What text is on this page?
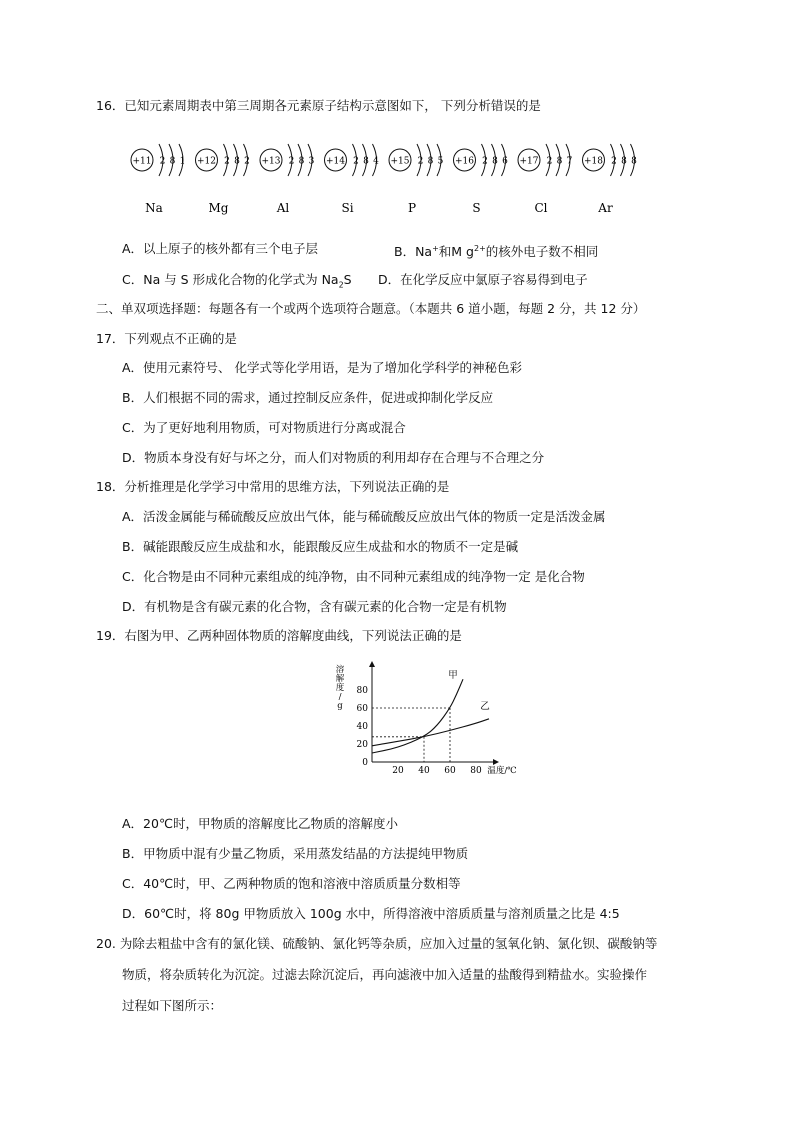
16．已知元素周期表中第三周期各元素原子结构示意图如下， 下列分析错误的是
+11 2 8 1
Na
+12 2 8 2
Mg
+13 2 8 3
Al
+14 2 8 4
Si
+15 2 8 5
P
+16 2 8 6
S
+17 2 8 7
Cl
+18 2 8 8
Ar
A．以上原子的核外都有三个电子层	B．Na+和M $g^{2+}$的核外电子数不相同
C．Na 与 S 形成化合物的化学式为 $Na_2S$ D．在化学反应中氯原子容易得到电子
二、单双项选择题：每题各有一个或两个选项符合题意。（本题共 6 道小题，每题 2 分，共 12 分）
17．下列观点不正确的是
A．使用元素符号、 化学式等化学用语，是为了增加化学科学的神秘色彩
B．人们根据不同的需求，通过控制反应条件，促进或抑制化学反应
C．为了更好地利用物质，可对物质进行分离或混合
D．物质本身没有好与坏之分，而人们对物质的利用却存在合理与不合理之分
18．分析推理是化学学习中常用的思维方法，下列说法正确的是
A．活泼金属能与稀硫酸反应放出气体，能与稀硫酸反应放出气体的物质一定是活泼金属
B．碱能跟酸反应生成盐和水，能跟酸反应生成盐和水的物质不一定是碱
C．化合物是由不同种元素组成的纯净物，由不同种元素组成的纯净物一定 是化合物
D．有机物是含有碳元素的化合物，含有碳元素的化合物一定是有机物
19．右图为甲、乙两种固体物质的溶解度曲线，下列说法正确的是
0
20
40
60
80
20 40 60 80 温度/℃
溶
解
度
/
g
甲
乙
A．20℃时，甲物质的溶解度比乙物质的溶解度小
B．甲物质中混有少量乙物质，采用蒸发结晶的方法提纯甲物质
C．40℃时，甲、乙两种物质的饱和溶液中溶质质量分数相等
D．60℃时，将 80g 甲物质放入 100g 水中，所得溶液中溶质质量与溶剂质量之比是 4:5
20. 为除去粗盐中含有的氯化镁、硫酸钠、氯化钙等杂质，应加入过量的氢氧化钠、氯化钡、碳酸钠等
物质，将杂质转化为沉淀。过滤去除沉淀后，再向滤液中加入适量的盐酸得到精盐水。实验操作
过程如下图所示：
